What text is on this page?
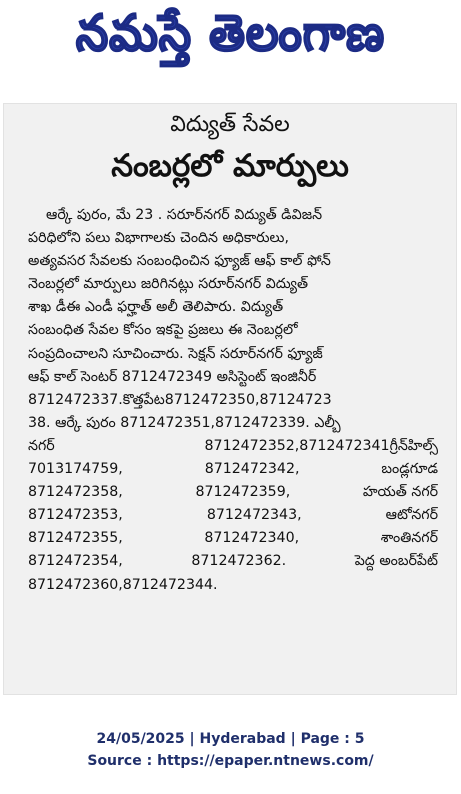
నమస్తే తెలంగాణ
విద్యుత్ సేవల
నంబర్లలో మార్పులు
ఆర్కే పురం, మే 23 . సరూర్‌నగర్ విద్యుత్ డివిజన్
పరిధిలోని పలు విభాగాలకు చెందిన అధికారులు,
అత్యవసర సేవలకు సంబంధించిన ఫ్యూజ్ ఆఫ్ కాల్ ఫోన్
నెంబర్లలో మార్పులు జరిగినట్లు సరూర్‌నగర్ విద్యుత్
శాఖ డీఈ ఎండీ ఫర్హాత్ అలీ తెలిపారు. విద్యుత్
సంబంధిత సేవల కోసం ఇకపై ప్రజలు ఈ నెంబర్లలో
సంప్రదించాలని సూచించారు. సెక్షన్ సరూర్‌నగర్ ఫ్యూజ్
ఆఫ్ కాల్ సెంటర్ 8712472349 అసిస్టెంట్ ఇంజినీర్
8712472337.కొత్తపేట8712472350,87124723
38. ఆర్కే పురం 8712472351,8712472339. ఎల్బీ
నగర్	8712472352,8712472341గ్రీన్‌హిల్స్
7013174759,	8712472342,	బండ్లగూడ
8712472358,	8712472359,	హయత్ నగర్
8712472353,	8712472343,	ఆటోనగర్
8712472355,	8712472340,	శాంతినగర్
8712472354,	8712472362.	పెద్ద అంబర్‌పేట్
8712472360,8712472344.
24/05/2025 | Hyderabad | Page : 5
Source : https://epaper.ntnews.com/
